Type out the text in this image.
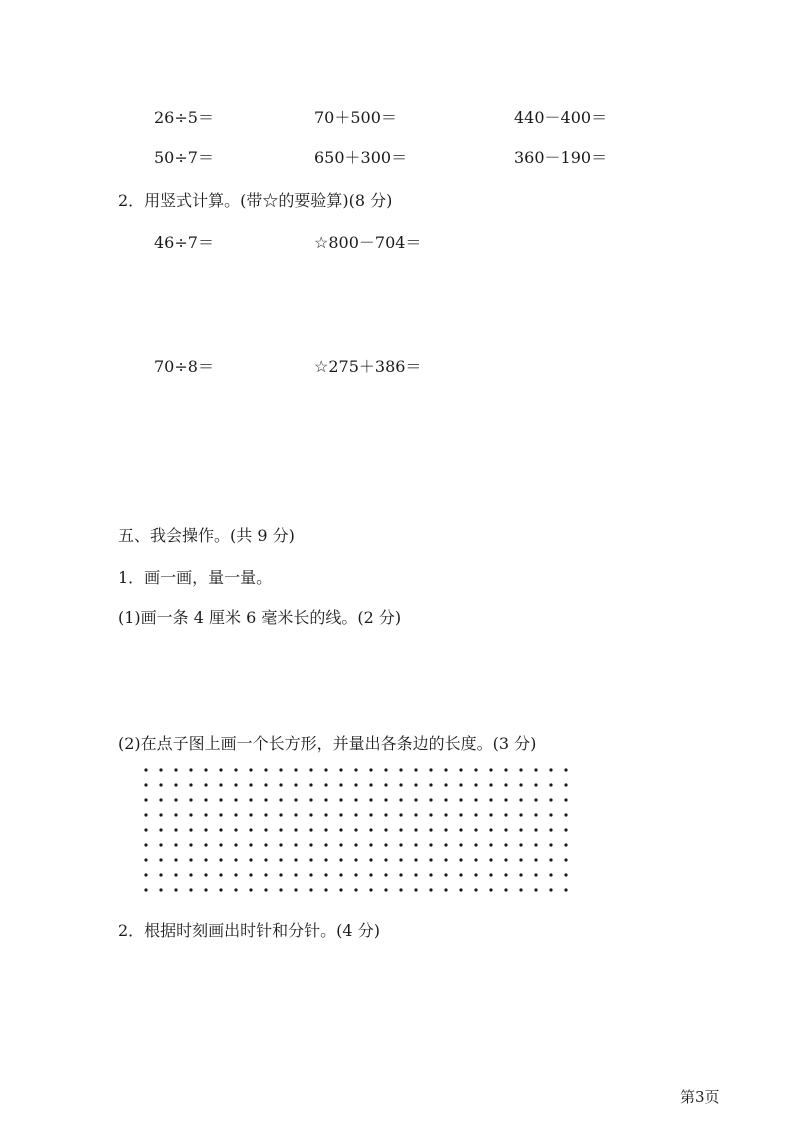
26÷5＝	70＋500＝	440－400＝
50÷7＝	650＋300＝	360－190＝
2．用竖式计算。(带☆的要验算)(8 分)
46÷7＝	☆800－704＝
70÷8＝	☆275＋386＝
五、我会操作。(共 9 分)
1．画一画，量一量。
(1)画一条 4 厘米 6 毫米长的线。(2 分)
(2)在点子图上画一个长方形，并量出各条边的长度。(3 分)
2．根据时刻画出时针和分针。(4 分)
第3页
